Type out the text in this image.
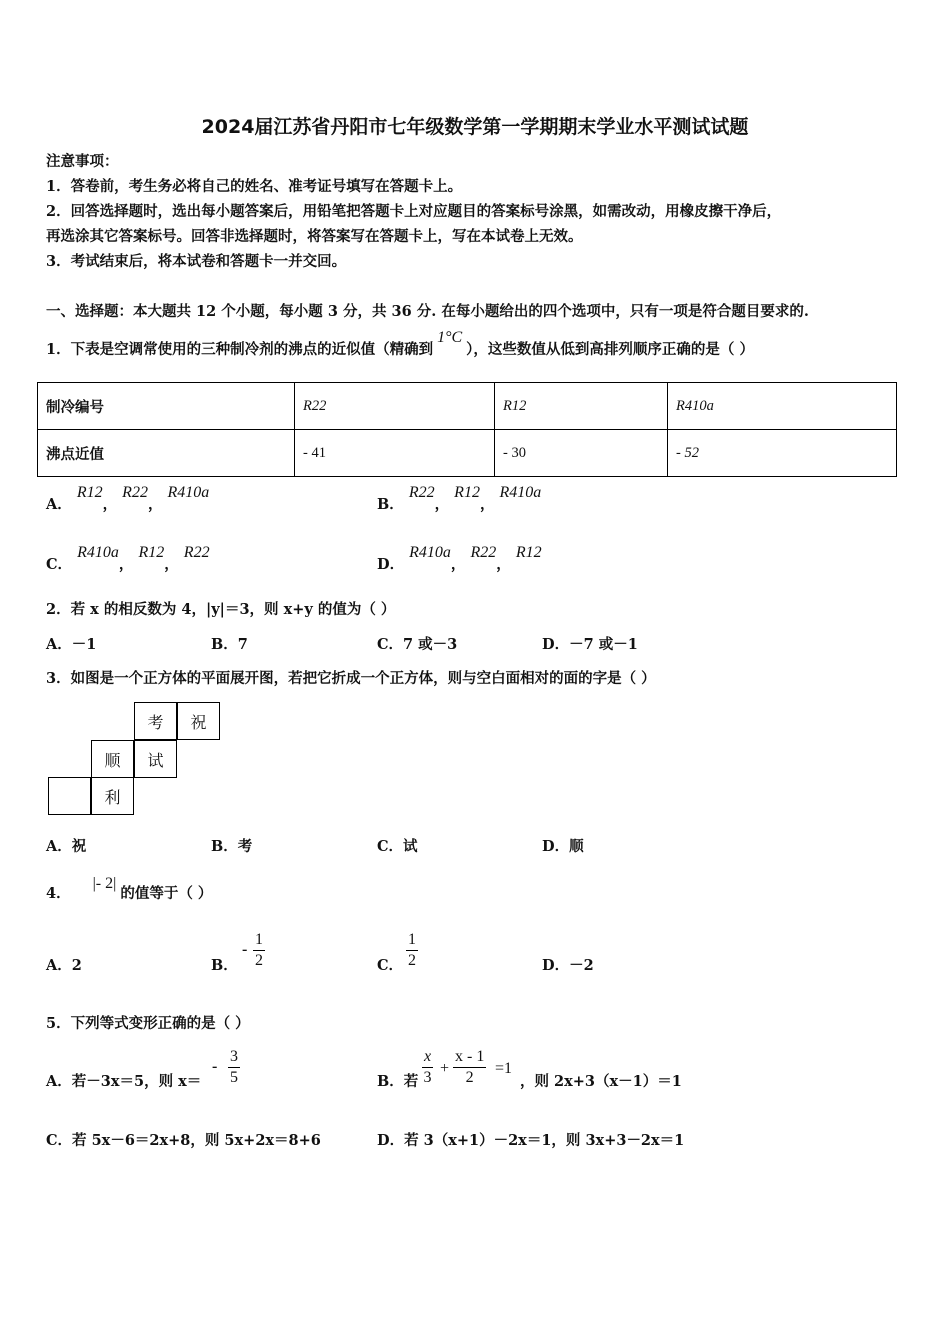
2024届江苏省丹阳市七年级数学第一学期期末学业水平测试试题
注意事项：
1．答卷前，考生务必将自己的姓名、准考证号填写在答题卡上。
2．回答选择题时，选出每小题答案后，用铅笔把答题卡上对应题目的答案标号涂黑，如需改动，用橡皮擦干净后，
再选涂其它答案标号。回答非选择题时，将答案写在答题卡上，写在本试卷上无效。
3．考试结束后，将本试卷和答题卡一并交回。
一、选择题：本大题共 12 个小题，每小题 3 分，共 36 分. 在每小题给出的四个选项中，只有一项是符合题目要求的.
1．下表是空调常使用的三种制冷剂的沸点的近似值（精确到1°C），这些数值从低到高排列顺序正确的是（ ）
制冷编号	R22	R12	R410a
沸点近值	- 41	- 30	- 52
A． R12， R22， R410a
B． R22， R12， R410a
C． R410a， R12， R22
D． R410a， R22， R12
2．若 x 的相反数为 4，|y|＝3，则 x+y 的值为（ ）
A．－1	B．7	C．7 或－3	D．－7 或－1
3．如图是一个正方体的平面展开图，若把它折成一个正方体，则与空白面相对的面的字是（ ）
考	祝
顺	试
利
A．祝	B．考	C．试	D．顺
4．|- 2|的值等于（ ）
A．2	B．
- $\frac{1}{2}$	C． $\frac{1}{2}$	D．－2
5．下列等式变形正确的是（ ）
A．若－3x＝5，则 x＝
- $\frac{3}{5}$	B．若 $\frac{x}{3} + \frac{x - 1}{2} =1$
，则 2x+3（x－1）＝1
C．若 5x－6＝2x+8，则 5x+2x＝8+6	D．若 3（x+1）－2x＝1，则 3x+3－2x＝1
